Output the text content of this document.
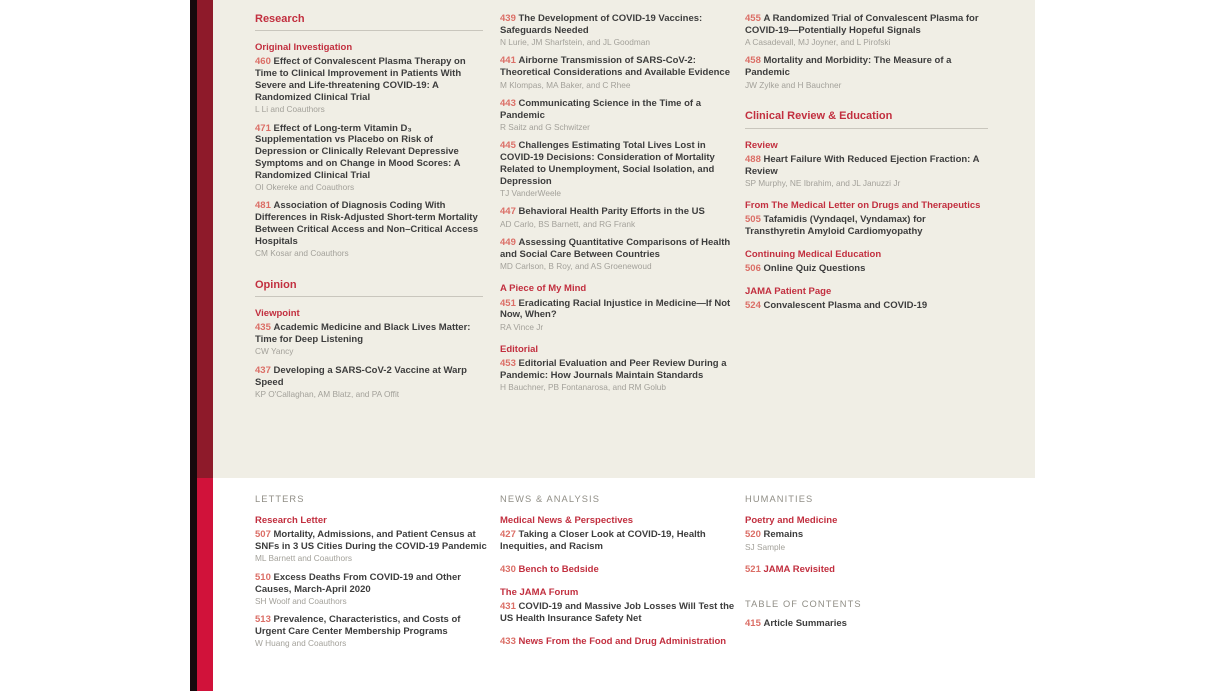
Research
Original Investigation
460 Effect of Convalescent Plasma Therapy on Time to Clinical Improvement in Patients With Severe and Life-threatening COVID-19: A Randomized Clinical Trial
L Li and Coauthors
471 Effect of Long-term Vitamin D₃ Supplementation vs Placebo on Risk of Depression or Clinically Relevant Depressive Symptoms and on Change in Mood Scores: A Randomized Clinical Trial
OI Okereke and Coauthors
481 Association of Diagnosis Coding With Differences in Risk-Adjusted Short-term Mortality Between Critical Access and Non–Critical Access Hospitals
CM Kosar and Coauthors
Opinion
Viewpoint
435 Academic Medicine and Black Lives Matter: Time for Deep Listening
CW Yancy
437 Developing a SARS-CoV-2 Vaccine at Warp Speed
KP O'Callaghan, AM Blatz, and PA Offit
439 The Development of COVID-19 Vaccines: Safeguards Needed
N Lurie, JM Sharfstein, and JL Goodman
441 Airborne Transmission of SARS-CoV-2: Theoretical Considerations and Available Evidence
M Klompas, MA Baker, and C Rhee
443 Communicating Science in the Time of a Pandemic
R Saitz and G Schwitzer
445 Challenges Estimating Total Lives Lost in COVID-19 Decisions: Consideration of Mortality Related to Unemployment, Social Isolation, and Depression
TJ VanderWeele
447 Behavioral Health Parity Efforts in the US
AD Carlo, BS Barnett, and RG Frank
449 Assessing Quantitative Comparisons of Health and Social Care Between Countries
MD Carlson, B Roy, and AS Groenewoud
A Piece of My Mind
451 Eradicating Racial Injustice in Medicine—If Not Now, When?
RA Vince Jr
Editorial
453 Editorial Evaluation and Peer Review During a Pandemic: How Journals Maintain Standards
H Bauchner, PB Fontanarosa, and RM Golub
455 A Randomized Trial of Convalescent Plasma for COVID-19—Potentially Hopeful Signals
A Casadevall, MJ Joyner, and L Pirofski
458 Mortality and Morbidity: The Measure of a Pandemic
JW Zylke and H Bauchner
Clinical Review & Education
Review
488 Heart Failure With Reduced Ejection Fraction: A Review
SP Murphy, NE Ibrahim, and JL Januzzi Jr
From The Medical Letter on Drugs and Therapeutics
505 Tafamidis (Vyndaqel, Vyndamax) for Transthyretin Amyloid Cardiomyopathy
Continuing Medical Education
506 Online Quiz Questions
JAMA Patient Page
524 Convalescent Plasma and COVID-19
LETTERS
Research Letter
507 Mortality, Admissions, and Patient Census at SNFs in 3 US Cities During the COVID-19 Pandemic
ML Barnett and Coauthors
510 Excess Deaths From COVID-19 and Other Causes, March-April 2020
SH Woolf and Coauthors
513 Prevalence, Characteristics, and Costs of Urgent Care Center Membership Programs
W Huang and Coauthors
NEWS & ANALYSIS
Medical News & Perspectives
427 Taking a Closer Look at COVID-19, Health Inequities, and Racism
430 Bench to Bedside
The JAMA Forum
431 COVID-19 and Massive Job Losses Will Test the US Health Insurance Safety Net
433 News From the Food and Drug Administration
HUMANITIES
Poetry and Medicine
520 Remains
SJ Sample
521 JAMA Revisited
TABLE OF CONTENTS
415 Article Summaries
